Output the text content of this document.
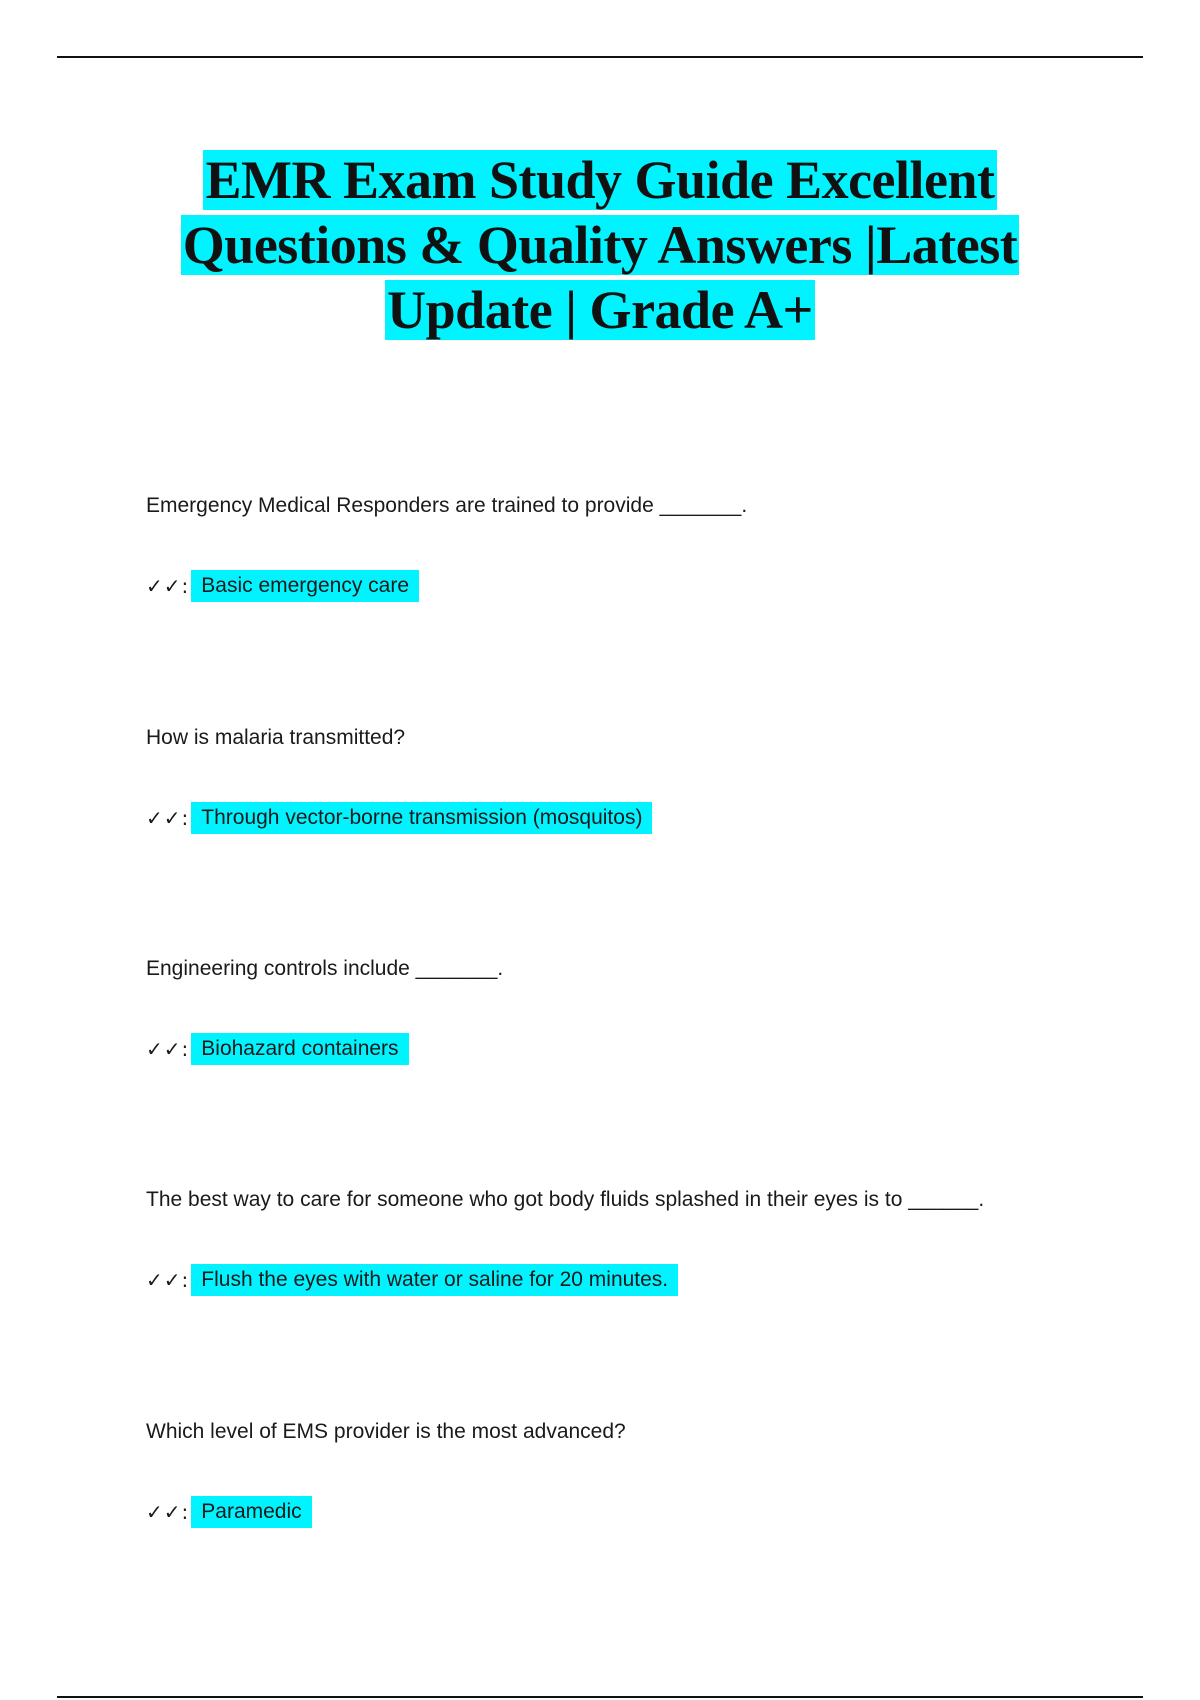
EMR Exam Study Guide Excellent
Questions & Quality Answers |Latest
Update | Grade A+
Emergency Medical Responders are trained to provide _______.
✓✓: Basic emergency care
How is malaria transmitted?
✓✓: Through vector-borne transmission (mosquitos)
Engineering controls include _______.
✓✓: Biohazard containers
The best way to care for someone who got body fluids splashed in their eyes is to ______.
✓✓: Flush the eyes with water or saline for 20 minutes.
Which level of EMS provider is the most advanced?
✓✓: Paramedic
